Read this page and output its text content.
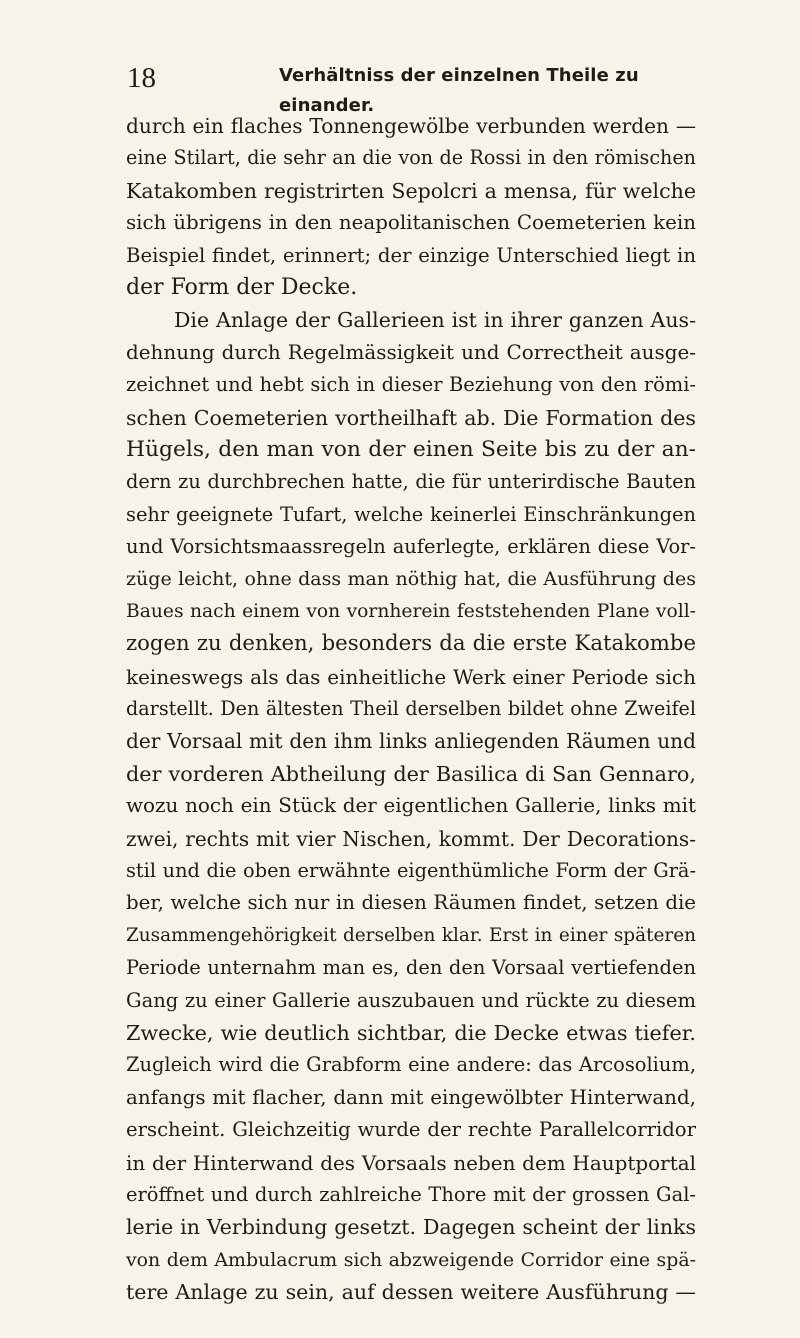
18	Verhältniss der einzelnen Theile zu einander.
durch ein flaches Tonnengewölbe verbunden werden —
eine Stilart, die sehr an die von de Rossi in den römischen
Katakomben registrirten Sepolcri a mensa, für welche
sich übrigens in den neapolitanischen Coemeterien kein
Beispiel findet, erinnert; der einzige Unterschied liegt in
der Form der Decke.
Die Anlage der Gallerieen ist in ihrer ganzen Aus-
dehnung durch Regelmässigkeit und Correctheit ausge-
zeichnet und hebt sich in dieser Beziehung von den römi-
schen Coemeterien vortheilhaft ab. Die Formation des
Hügels, den man von der einen Seite bis zu der an-
dern zu durchbrechen hatte, die für unterirdische Bauten
sehr geeignete Tufart, welche keinerlei Einschränkungen
und Vorsichtsmaassregeln auferlegte, erklären diese Vor-
züge leicht, ohne dass man nöthig hat, die Ausführung des
Baues nach einem von vornherein feststehenden Plane voll-
zogen zu denken, besonders da die erste Katakombe
keineswegs als das einheitliche Werk einer Periode sich
darstellt. Den ältesten Theil derselben bildet ohne Zweifel
der Vorsaal mit den ihm links anliegenden Räumen und
der vorderen Abtheilung der Basilica di San Gennaro,
wozu noch ein Stück der eigentlichen Gallerie, links mit
zwei, rechts mit vier Nischen, kommt. Der Decorations-
stil und die oben erwähnte eigenthümliche Form der Grä-
ber, welche sich nur in diesen Räumen findet, setzen die
Zusammengehörigkeit derselben klar. Erst in einer späteren
Periode unternahm man es, den den Vorsaal vertiefenden
Gang zu einer Gallerie auszubauen und rückte zu diesem
Zwecke, wie deutlich sichtbar, die Decke etwas tiefer.
Zugleich wird die Grabform eine andere: das Arcosolium,
anfangs mit flacher, dann mit eingewölbter Hinterwand,
erscheint. Gleichzeitig wurde der rechte Parallelcorridor
in der Hinterwand des Vorsaals neben dem Hauptportal
eröffnet und durch zahlreiche Thore mit der grossen Gal-
lerie in Verbindung gesetzt. Dagegen scheint der links
von dem Ambulacrum sich abzweigende Corridor eine spä-
tere Anlage zu sein, auf dessen weitere Ausführung —
